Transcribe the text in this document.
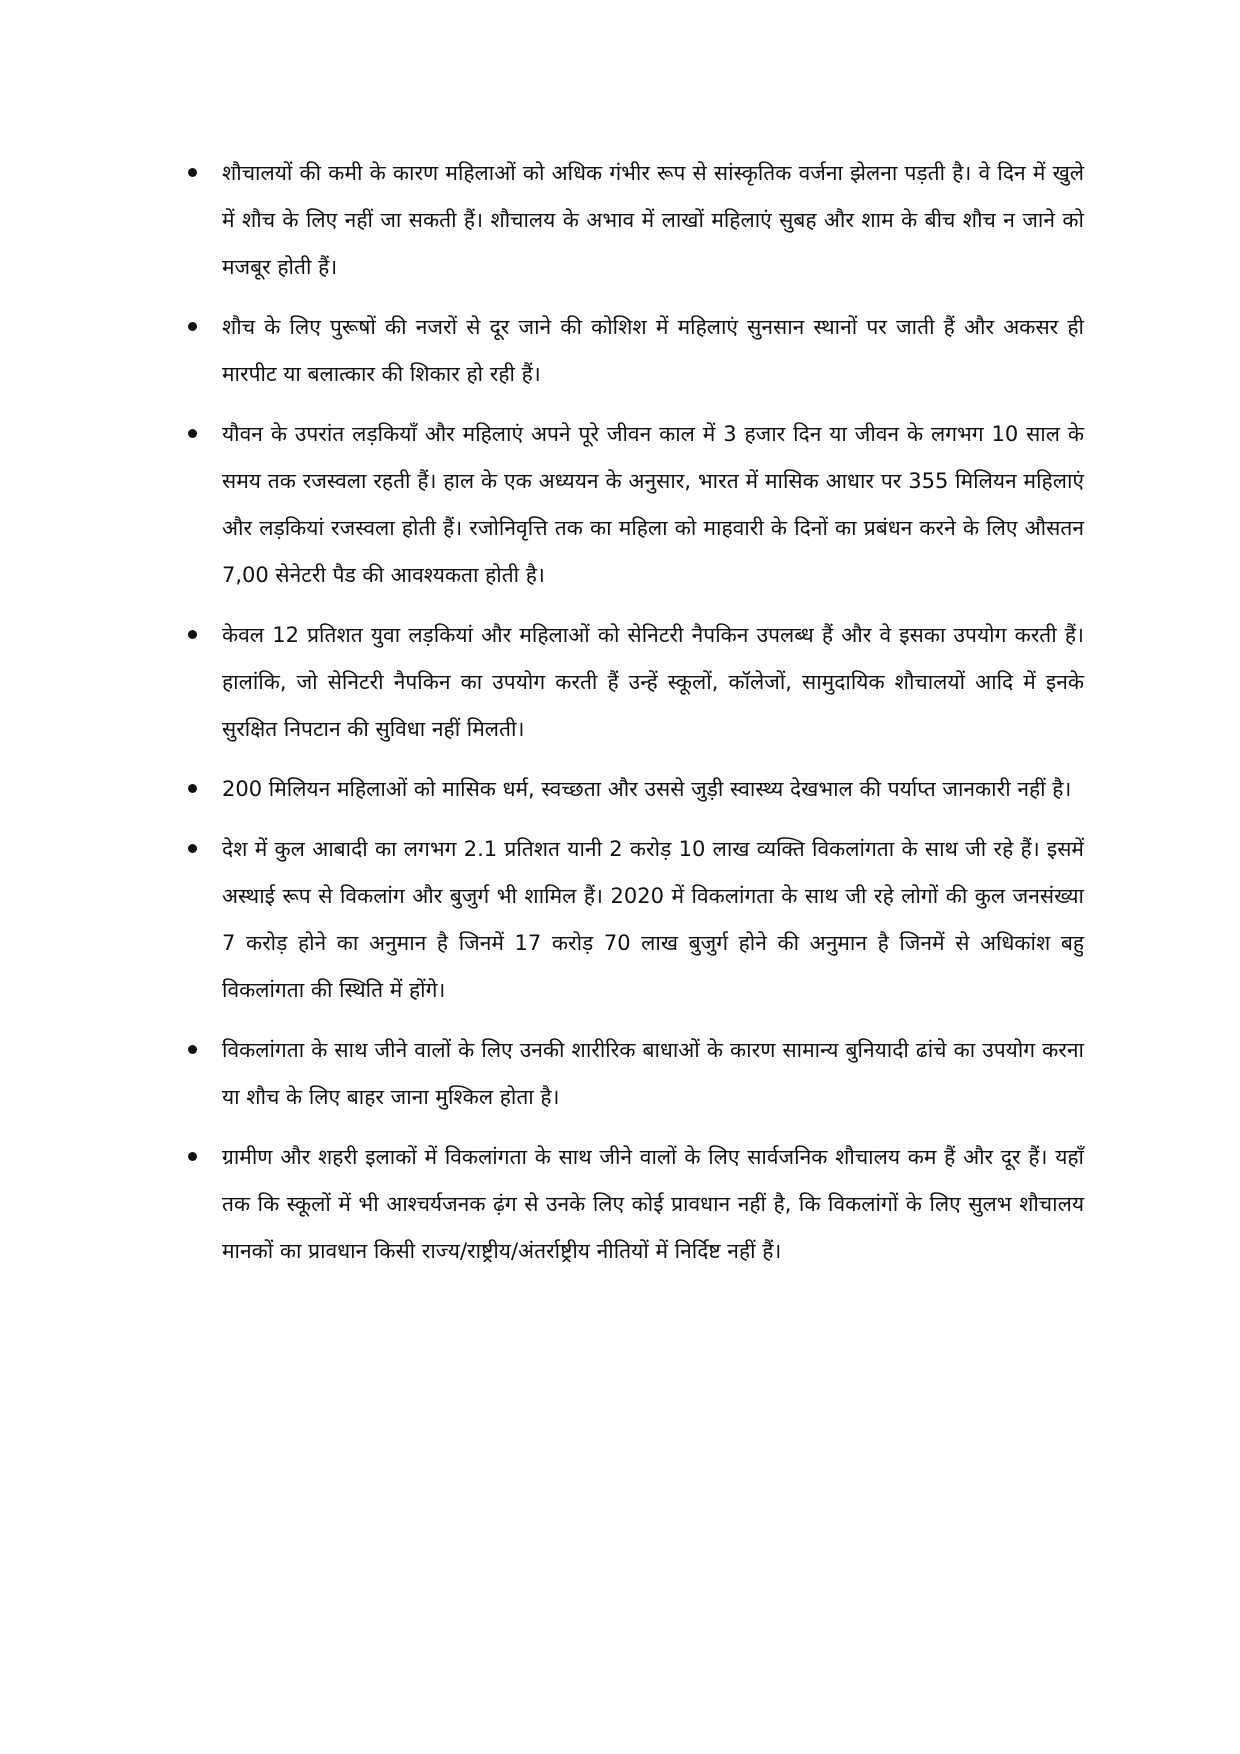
शौचालयों की कमी के कारण महिलाओं को अधिक गंभीर रूप से सांस्कृतिक वर्जना झेलना पड़ती है। वे दिन में खुले में शौच के लिए नहीं जा सकती हैं। शौचालय के अभाव में लाखों महिलाएं सुबह और शाम के बीच शौच न जाने को मजबूर होती हैं।
शौच के लिए पुरूषों की नजरों से दूर जाने की कोशिश में महिलाएं सुनसान स्थानों पर जाती हैं और अकसर ही मारपीट या बलात्कार की शिकार हो रही हैं।
यौवन के उपरांत लड़कियाँ और महिलाएं अपने पूरे जीवन काल में 3 हजार दिन या जीवन के लगभग 10 साल के समय तक रजस्वला रहती हैं। हाल के एक अध्ययन के अनुसार, भारत में मासिक आधार पर 355 मिलियन महिलाएं और लड़कियां रजस्वला होती हैं। रजोनिवृत्ति तक का महिला को माहवारी के दिनों का प्रबंधन करने के लिए औसतन 7,00 सेनेटरी पैड की आवश्यकता होती है।
केवल 12 प्रतिशत युवा लड़कियां और महिलाओं को सेनिटरी नैपकिन उपलब्ध हैं और वे इसका उपयोग करती हैं। हालांकि, जो सेनिटरी नैपकिन का उपयोग करती हैं उन्हें स्कूलों, कॉलेजों, सामुदायिक शौचालयों आदि में इनके सुरक्षित निपटान की सुविधा नहीं मिलती।
200 मिलियन महिलाओं को मासिक धर्म, स्वच्छता और उससे जुड़ी स्वास्थ्य देखभाल की पर्याप्त जानकारी नहीं है।
देश में कुल आबादी का लगभग 2.1 प्रतिशत यानी 2 करोड़ 10 लाख व्यक्ति विकलांगता के साथ जी रहे हैं। इसमें अस्थाई रूप से विकलांग और बुजुर्ग भी शामिल हैं। 2020 में विकलांगता के साथ जी रहे लोगों की कुल जनसंख्या 7 करोड़ होने का अनुमान है जिनमें 17 करोड़ 70 लाख बुजुर्ग होने की अनुमान है जिनमें से अधिकांश बहु विकलांगता की स्थिति में होंगे।
विकलांगता के साथ जीने वालों के लिए उनकी शारीरिक बाधाओं के कारण सामान्य बुनियादी ढांचे का उपयोग करना या शौच के लिए बाहर जाना मुश्किल होता है।
ग्रामीण और शहरी इलाकों में विकलांगता के साथ जीने वालों के लिए सार्वजनिक शौचालय कम हैं और दूर हैं। यहाँ तक कि स्कूलों में भी आश्चर्यजनक ढ़ंग से उनके लिए कोई प्रावधान नहीं है, कि विकलांगों के लिए सुलभ शौचालय मानकों का प्रावधान किसी राज्य/राष्ट्रीय/अंतर्राष्ट्रीय नीतियों में निर्दिष्ट नहीं हैं।
